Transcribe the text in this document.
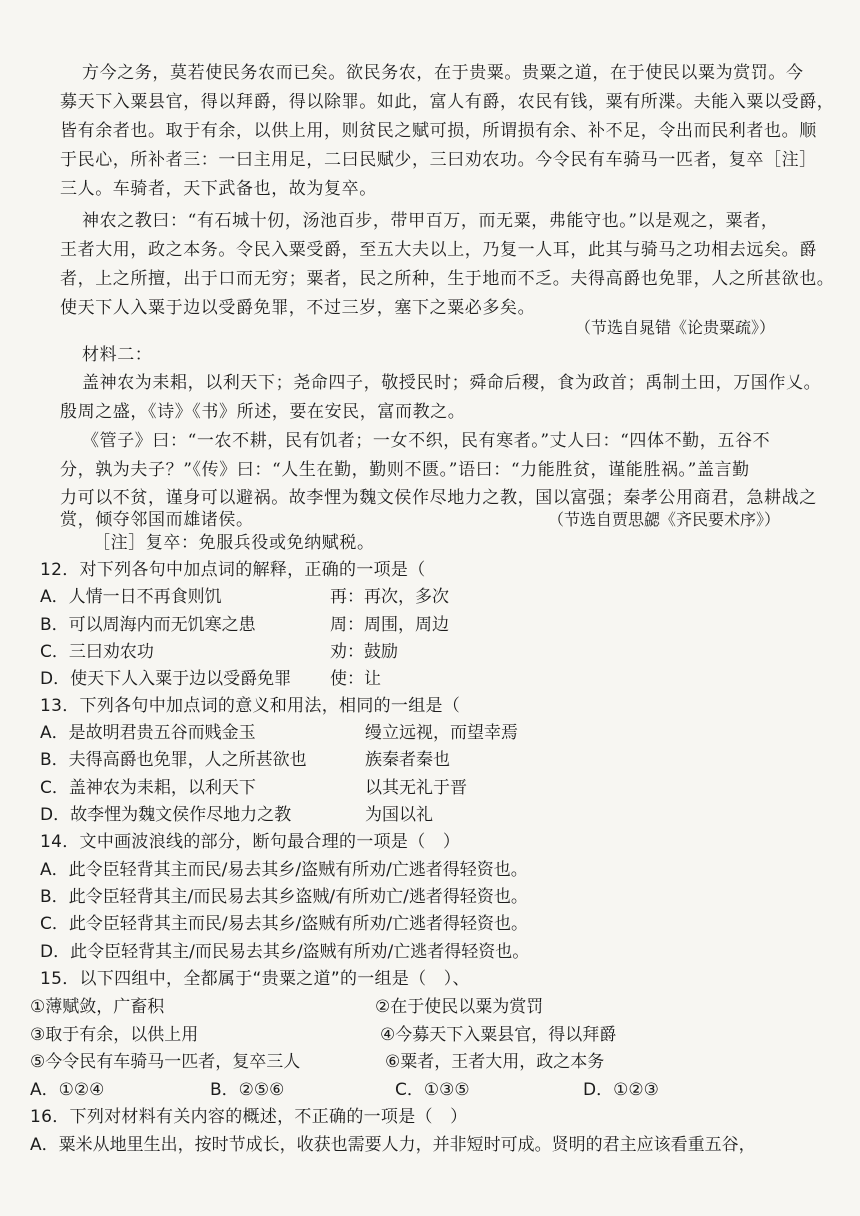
方今之务，莫若使民务农而已矣。欲民务农，在于贵粟。贵粟之道，在于使民以粟为赏罚。今
募天下入粟县官，得以拜爵，得以除罪。如此，富人有爵，农民有钱，粟有所渫。夫能入粟以受爵，
皆有余者也。取于有余，以供上用，则贫民之赋可损，所谓损有余、补不足，令出而民利者也。顺
于民心，所补者三：一曰主用足，二曰民赋少，三曰劝农功。今令民有车骑马一匹者，复卒［注］
三人。车骑者，天下武备也，故为复卒。
神农之教曰：“有石城十仞，汤池百步，带甲百万，而无粟，弗能守也。”以是观之，粟者，
王者大用，政之本务。令民入粟受爵，至五大夫以上，乃复一人耳，此其与骑马之功相去远矣。爵
者，上之所擅，出于口而无穷；粟者，民之所种，生于地而不乏。夫得高爵也免罪，人之所甚欲也。
使天下人入粟于边以受爵免罪，不过三岁，塞下之粟必多矣。
（节选自晁错《论贵粟疏》）
材料二：
盖神农为耒耜，以利天下；尧命四子，敬授民时；舜命后稷，食为政首；禹制土田，万国作乂。
殷周之盛，《诗》《书》所述，要在安民，富而教之。
《管子》曰：“一农不耕，民有饥者；一女不织，民有寒者。”丈人曰：“四体不勤，五谷不
分，孰为夫子？”《传》曰：“人生在勤，勤则不匮。”语曰：“力能胜贫，谨能胜祸。”盖言勤
力可以不贫，谨身可以避祸。故李悝为魏文侯作尽地力之教，国以富强；秦孝公用商君，急耕战之
赏，倾夺邻国而雄诸侯。	（节选自贾思勰《齐民要术序》）
［注］复卒：免服兵役或免纳赋税。
12．对下列各句中加点词的解释，正确的一项是（
A．人情一日不再食则饥	再：再次，多次
B．可以周海内而无饥寒之患	周：周围，周边
C．三曰劝农功	劝：鼓励
D．使天下人入粟于边以受爵免罪 使：让
13．下列各句中加点词的意义和用法，相同的一组是（
A．是故明君贵五谷而贱金玉	缦立远视，而望幸焉
B．夫得高爵也免罪，人之所甚欲也	族秦者秦也
C．盖神农为耒耜，以利天下	以其无礼于晋
D．故李悝为魏文侯作尽地力之教	为国以礼
14．文中画波浪线的部分，断句最合理的一项是（　）
A．此令臣轻背其主而民/易去其乡/盗贼有所劝/亡逃者得轻资也。
B．此令臣轻背其主/而民易去其乡盗贼/有所劝亡/逃者得轻资也。
C．此令臣轻背其主而民/易去其乡/盗贼有所劝/亡逃者得轻资也。
D．此令臣轻背其主/而民易去其乡/盗贼有所劝/亡逃者得轻资也。
15．以下四组中，全都属于“贵粟之道”的一组是（　）、
①薄赋敛，广畜积	②在于使民以粟为赏罚
③取于有余，以供上用	④今募天下入粟县官，得以拜爵
⑤今令民有车骑马一匹者，复卒三人	⑥粟者，王者大用，政之本务
A．①②④	B．②⑤⑥	C．①③⑤	D．①②③
16．下列对材料有关内容的概述，不正确的一项是（　）
A．粟米从地里生出，按时节成长，收获也需要人力，并非短时可成。贤明的君主应该看重五谷，
